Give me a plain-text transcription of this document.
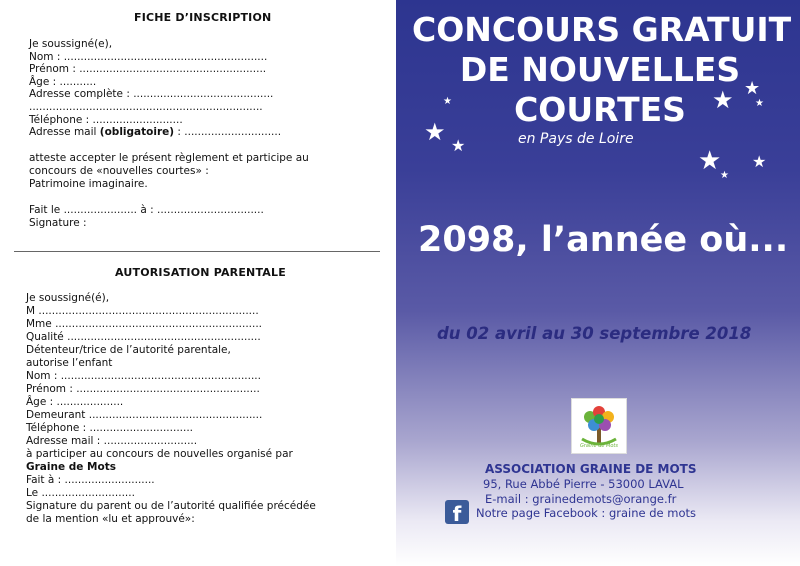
FICHE D’INSCRIPTION
Je soussigné(e),
Nom : .............................................................
Prénom : ........................................................
Âge : ...........
Adresse complète : ..........................................
......................................................................
Téléphone : ...........................
Adresse mail (obligatoire) : .............................
atteste accepter le présent règlement et participe au
concours de «nouvelles courtes» :
Patrimoine imaginaire.
Fait le ...................... à : ................................
Signature :
AUTORISATION PARENTALE
Je soussigné(é),
M ..................................................................
Mme ..............................................................
Qualité ..........................................................
Détenteur/trice de l’autorité parentale,
autorise l’enfant
Nom : ............................................................
Prénom : .......................................................
Âge : ....................
Demeurant ....................................................
Téléphone : ...............................
Adresse mail : ............................
à participer au concours de nouvelles organisé par
Graine de Mots
Fait à : ...........................
Le ............................
Signature du parent ou de l’autorité qualifiée précédée
de la mention «lu et approuvé»:
CONCOURS GRATUIT
DE NOUVELLES
COURTES
en Pays de Loire
★
★ ★
★ ★
★
★ ★
★
2098, l’année où...
du 02 avril au 30 septembre 2018
Graine de Mots
ASSOCIATION GRAINE DE MOTS
95, Rue Abbé Pierre - 53000 LAVAL
E-mail : grainedemots@orange.fr
f	Notre page Facebook : graine de mots
